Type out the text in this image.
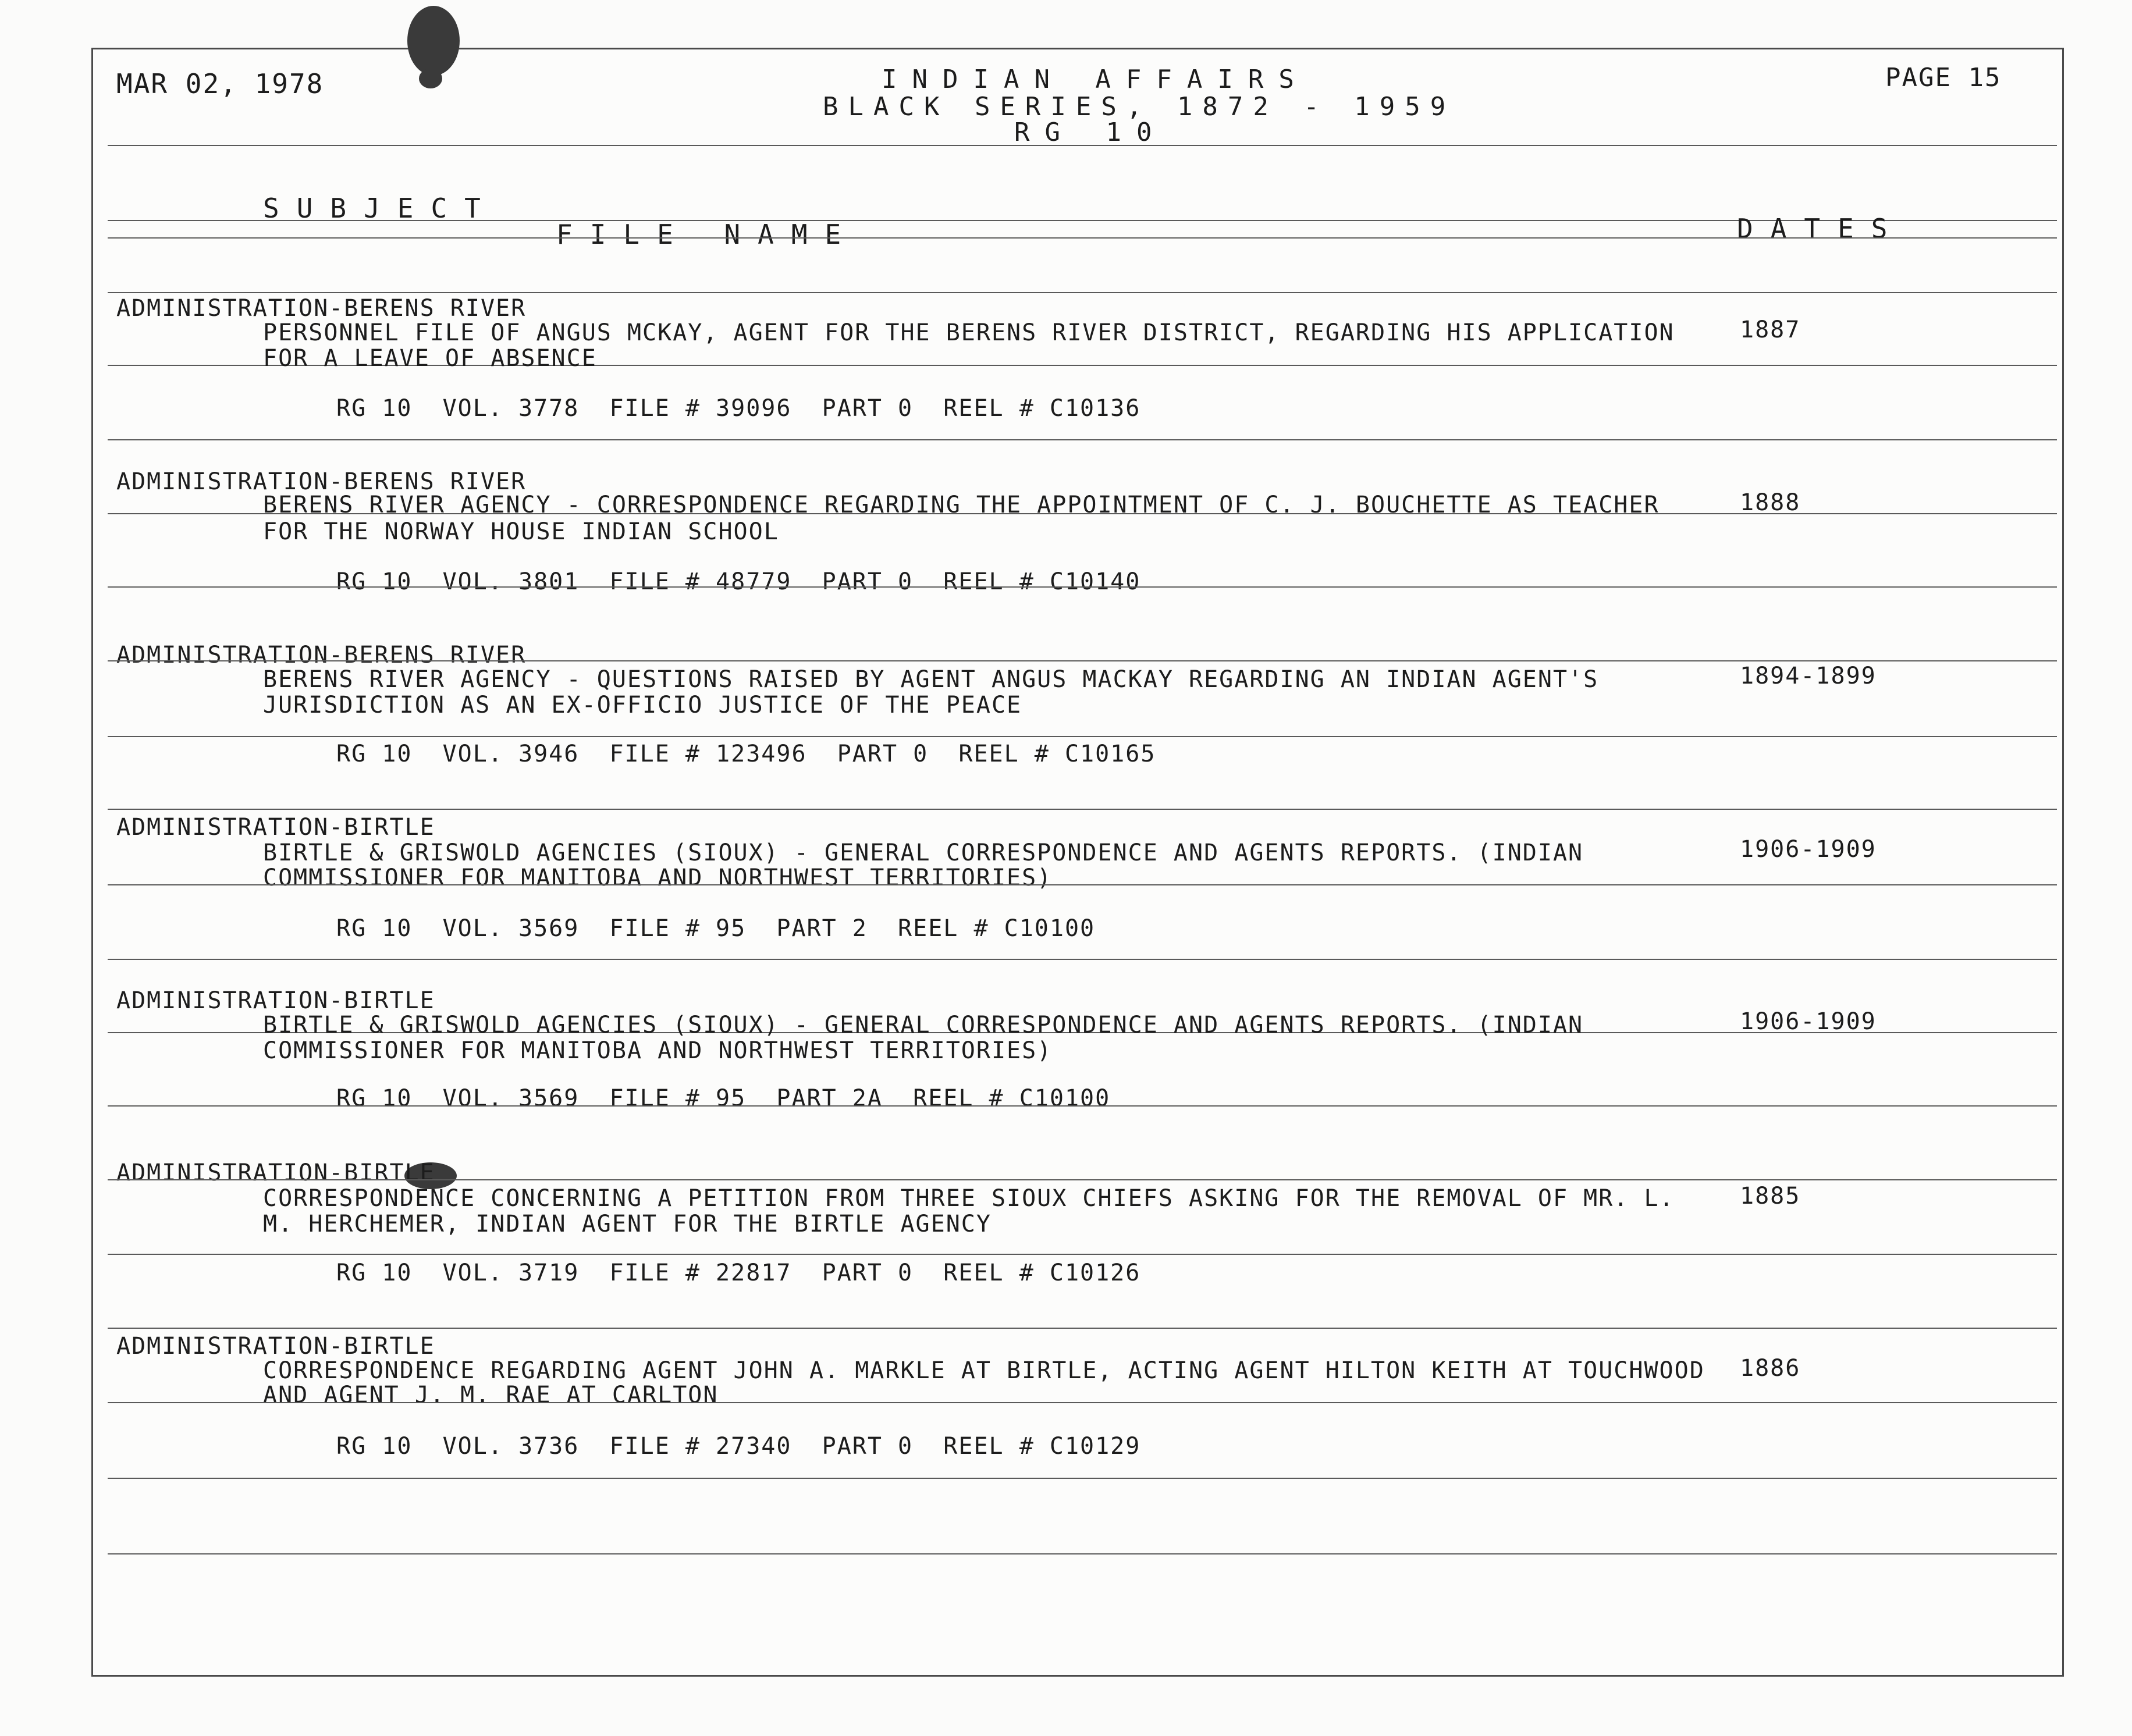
MAR 02, 1978	INDIAN AFFAIRS
BLACK SERIES, 1872 - 1959
RG 10
PAGE 15
SUBJECT
FILE NAME	DATES
ADMINISTRATION-BERENS RIVER
PERSONNEL FILE OF ANGUS MCKAY, AGENT FOR THE BERENS RIVER DISTRICT, REGARDING HIS APPLICATION	1887
FOR A LEAVE OF ABSENCE
RG 10  VOL. 3778  FILE # 39096  PART 0  REEL # C10136
ADMINISTRATION-BERENS RIVER
BERENS RIVER AGENCY - CORRESPONDENCE REGARDING THE APPOINTMENT OF C. J. BOUCHETTE AS TEACHER	1888
FOR THE NORWAY HOUSE INDIAN SCHOOL
RG 10  VOL. 3801  FILE # 48779  PART 0  REEL # C10140
ADMINISTRATION-BERENS RIVER
BERENS RIVER AGENCY - QUESTIONS RAISED BY AGENT ANGUS MACKAY REGARDING AN INDIAN AGENT'S	1894-1899
JURISDICTION AS AN EX-OFFICIO JUSTICE OF THE PEACE
RG 10  VOL. 3946  FILE # 123496  PART 0  REEL # C10165
ADMINISTRATION-BIRTLE
BIRTLE & GRISWOLD AGENCIES (SIOUX) - GENERAL CORRESPONDENCE AND AGENTS REPORTS. (INDIAN	1906-1909
COMMISSIONER FOR MANITOBA AND NORTHWEST TERRITORIES)
RG 10  VOL. 3569  FILE # 95  PART 2  REEL # C10100
ADMINISTRATION-BIRTLE
BIRTLE & GRISWOLD AGENCIES (SIOUX) - GENERAL CORRESPONDENCE AND AGENTS REPORTS. (INDIAN	1906-1909
COMMISSIONER FOR MANITOBA AND NORTHWEST TERRITORIES)
RG 10  VOL. 3569  FILE # 95  PART 2A  REEL # C10100
ADMINISTRATION-BIRTLE
CORRESPONDENCE CONCERNING A PETITION FROM THREE SIOUX CHIEFS ASKING FOR THE REMOVAL OF MR. L.	1885
M. HERCHEMER, INDIAN AGENT FOR THE BIRTLE AGENCY
RG 10  VOL. 3719  FILE # 22817  PART 0  REEL # C10126
ADMINISTRATION-BIRTLE
CORRESPONDENCE REGARDING AGENT JOHN A. MARKLE AT BIRTLE, ACTING AGENT HILTON KEITH AT TOUCHWOOD 1886
AND AGENT J. M. RAE AT CARLTON
RG 10  VOL. 3736  FILE # 27340  PART 0  REEL # C10129
